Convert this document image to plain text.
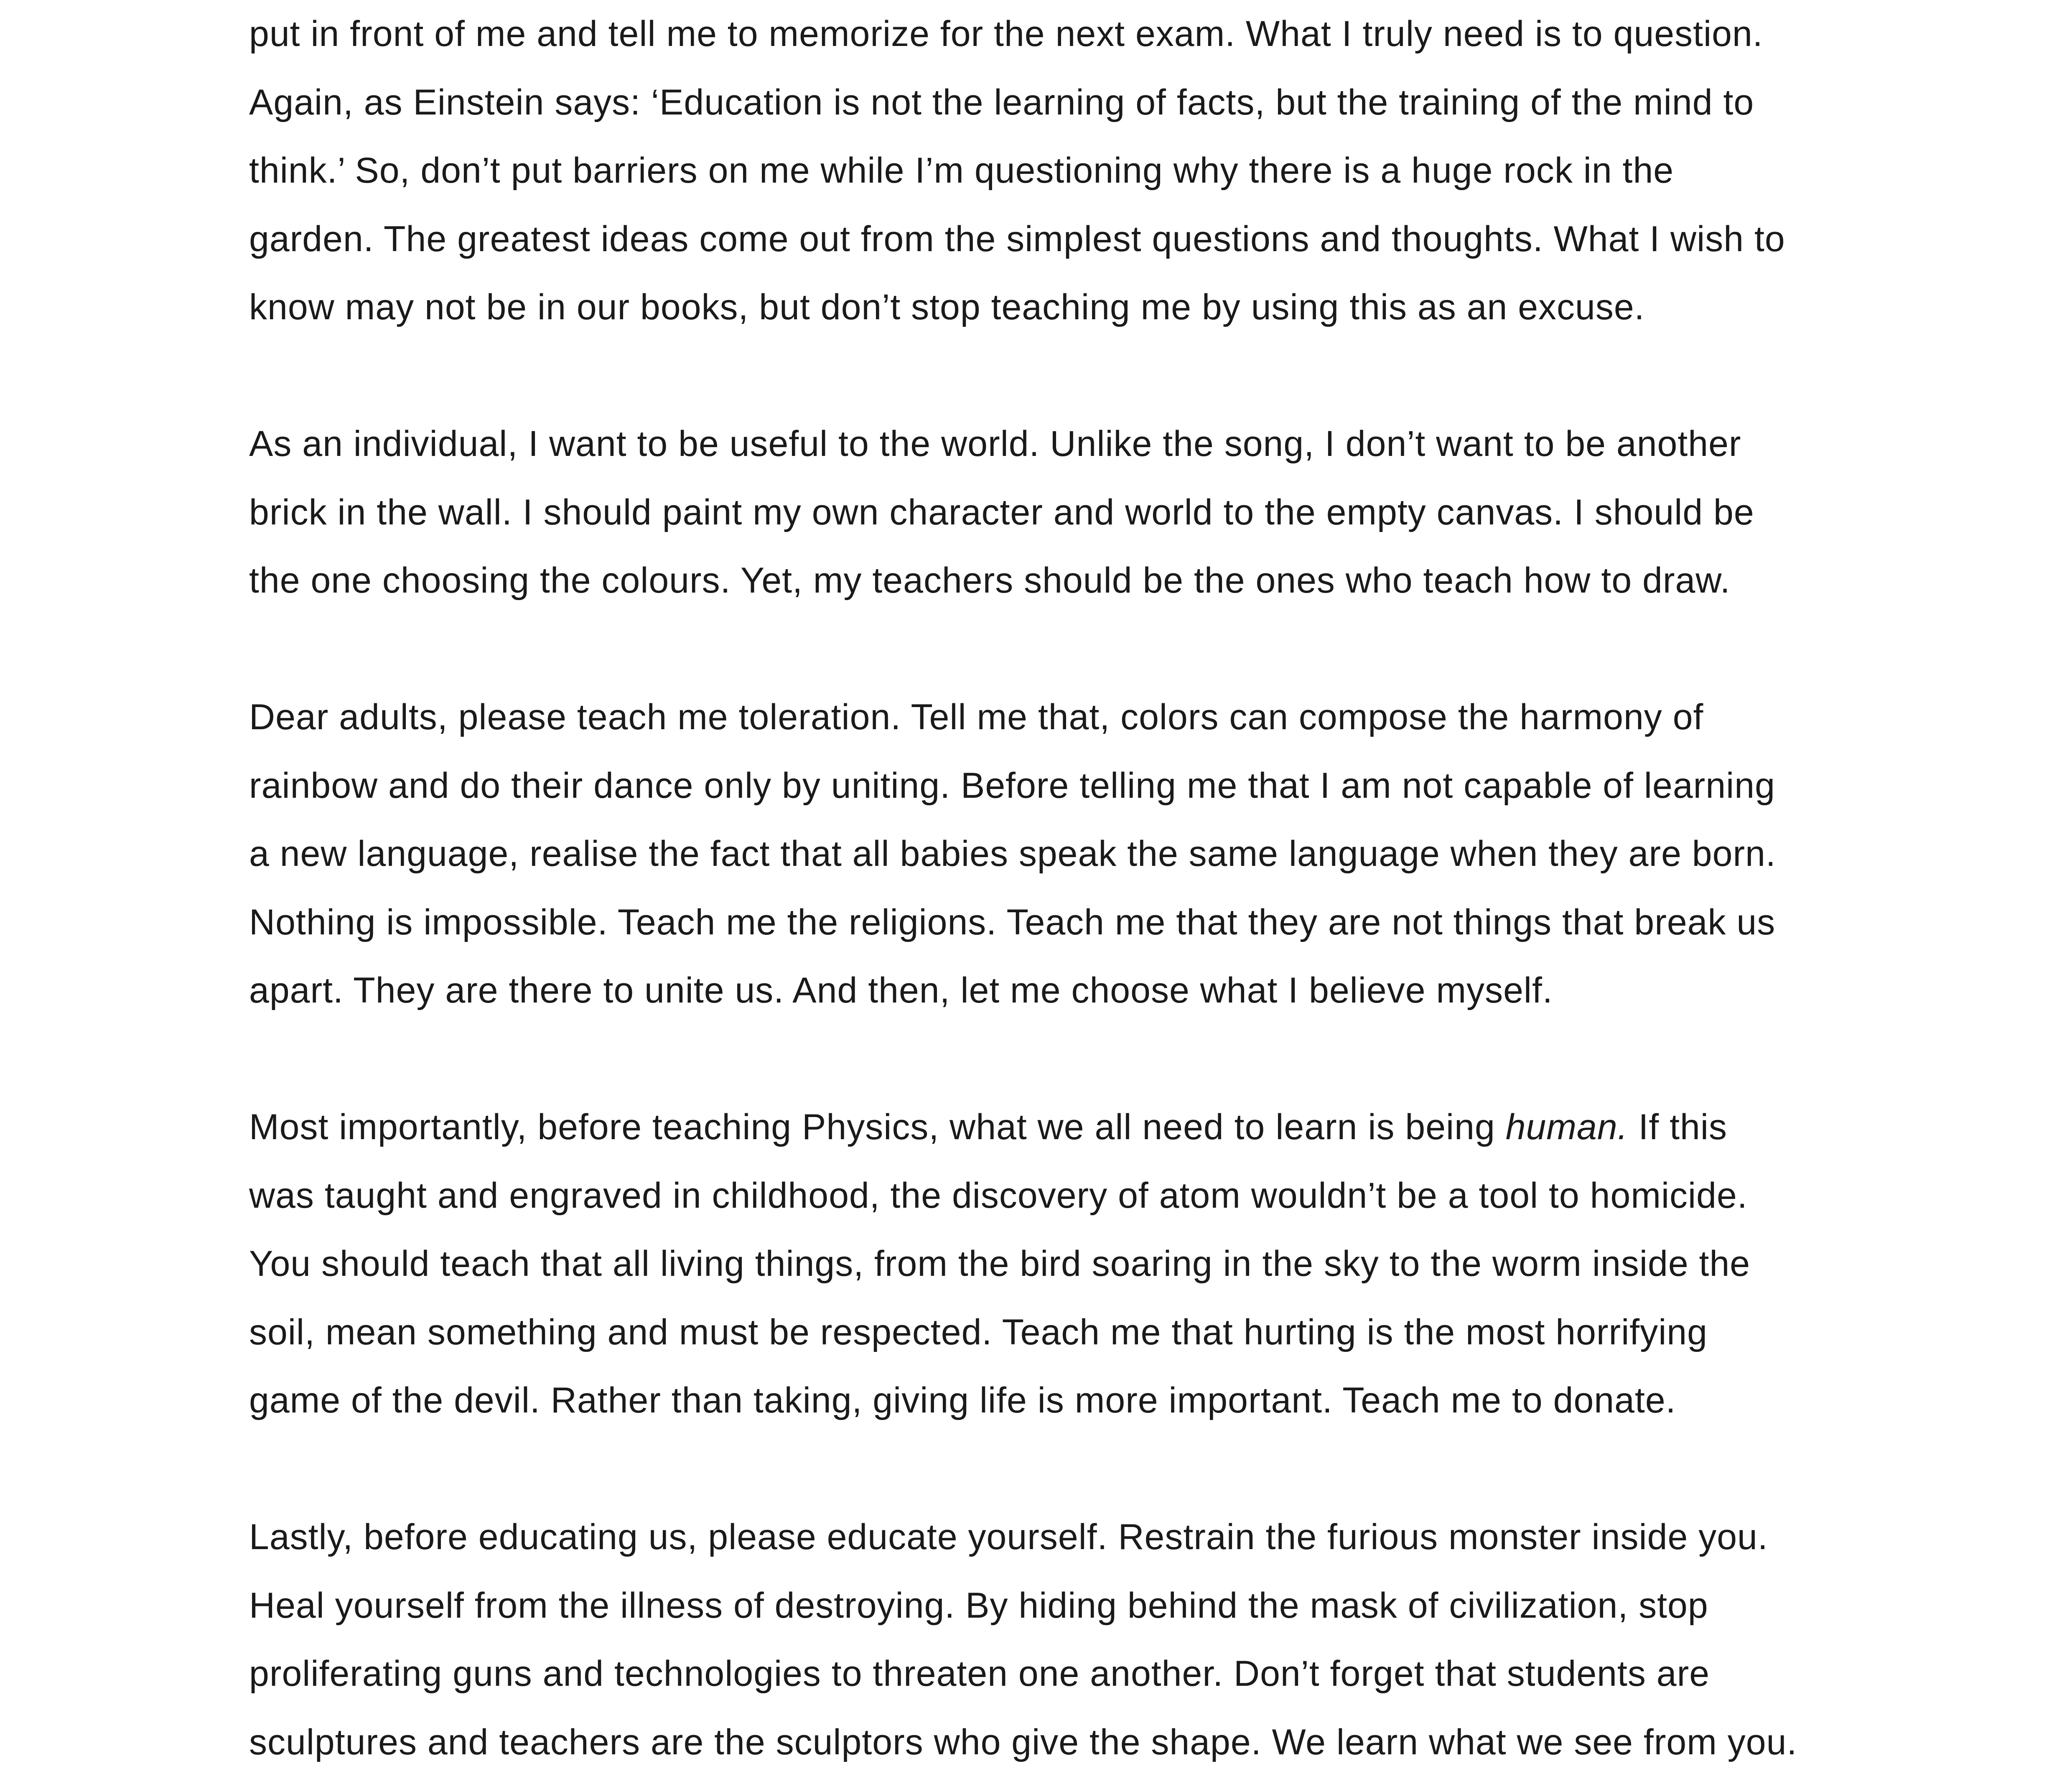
put in front of me and tell me to memorize for the next exam. What I truly need is to question.
Again, as Einstein says: ‘Education is not the learning of facts, but the training of the mind to
think.’ So, don’t put barriers on me while I’m questioning why there is a huge rock in the
garden. The greatest ideas come out from the simplest questions and thoughts. What I wish to
know may not be in our books, but don’t stop teaching me by using this as an excuse.
As an individual, I want to be useful to the world. Unlike the song, I don’t want to be another
brick in the wall. I should paint my own character and world to the empty canvas. I should be
the one choosing the colours. Yet, my teachers should be the ones who teach how to draw.
Dear adults, please teach me toleration. Tell me that, colors can compose the harmony of
rainbow and do their dance only by uniting. Before telling me that I am not capable of learning
a new language, realise the fact that all babies speak the same language when they are born.
Nothing is impossible. Teach me the religions. Teach me that they are not things that break us
apart. They are there to unite us. And then, let me choose what I believe myself.
Most importantly, before teaching Physics, what we all need to learn is being human. If this
was taught and engraved in childhood, the discovery of atom wouldn’t be a tool to homicide.
You should teach that all living things, from the bird soaring in the sky to the worm inside the
soil, mean something and must be respected. Teach me that hurting is the most horrifying
game of the devil. Rather than taking, giving life is more important. Teach me to donate.
Lastly, before educating us, please educate yourself. Restrain the furious monster inside you.
Heal yourself from the illness of destroying. By hiding behind the mask of civilization, stop
proliferating guns and technologies to threaten one another. Don’t forget that students are
sculptures and teachers are the sculptors who give the shape. We learn what we see from you.
